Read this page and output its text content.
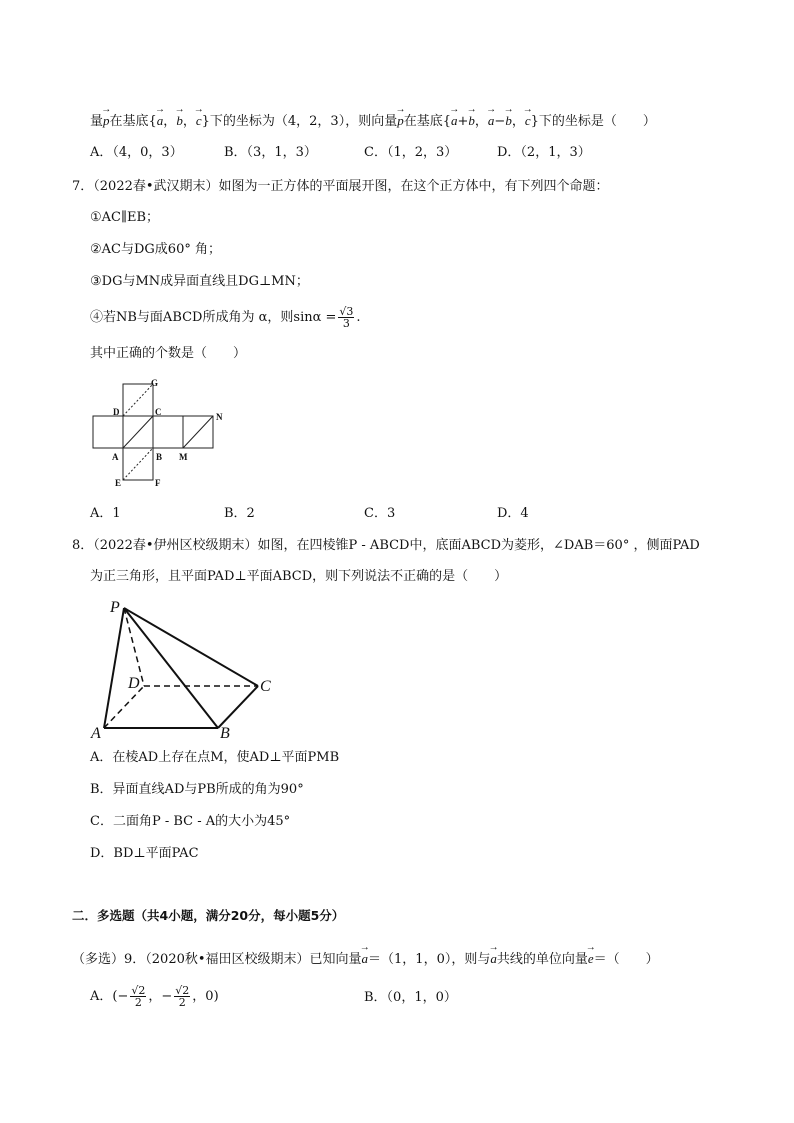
量→ p在基底{→ a，→ b，→ c}下的坐标为（4，2，3），则向量→ p在基底{→ a+→ b，→ a−→ b，→ c}下的坐标是（　　）
A．（4，0，3）	B．（3，1，3）	C．（1，2，3）	D．（2，1，3）
7．（2022春•武汉期末）如图为一正方体的平面展开图，在这个正方体中，有下列四个命题：
①AC∥EB；
②AC与DG成60° 角；
③DG与MN成异面直线且DG⊥MN；
④若NB与面ABCD所成角为 α，则$\sin\alpha = \frac{√3}{3}$ .
其中正确的个数是（　　）
G
D	C	N
A	B M
E	F
A．1	B．2	C．3	D．4
8．（2022春•伊州区校级期末）如图，在四棱锥P - ABCD中，底面ABCD为菱形，∠DAB＝60° ，侧面PAD
为正三角形，且平面PAD⊥平面ABCD，则下列说法不正确的是（　　）
P
D	C
A	B
A．在棱AD上存在点M，使AD⊥平面PMB
B．异面直线AD与PB所成的角为90°
C．二面角P - BC - A的大小为45°
D．BD⊥平面PAC
二．多选题（共4小题，满分20分，每小题5分）
（多选）9．（2020秋•福田区校级期末）已知向量→ a＝（1，1，0），则与→ a共线的单位向量→ e＝（　　）
A．(− $\frac{√2}{2}$ ，− $\frac{√2}{2}$ ，0)	B．（0，1，0）
